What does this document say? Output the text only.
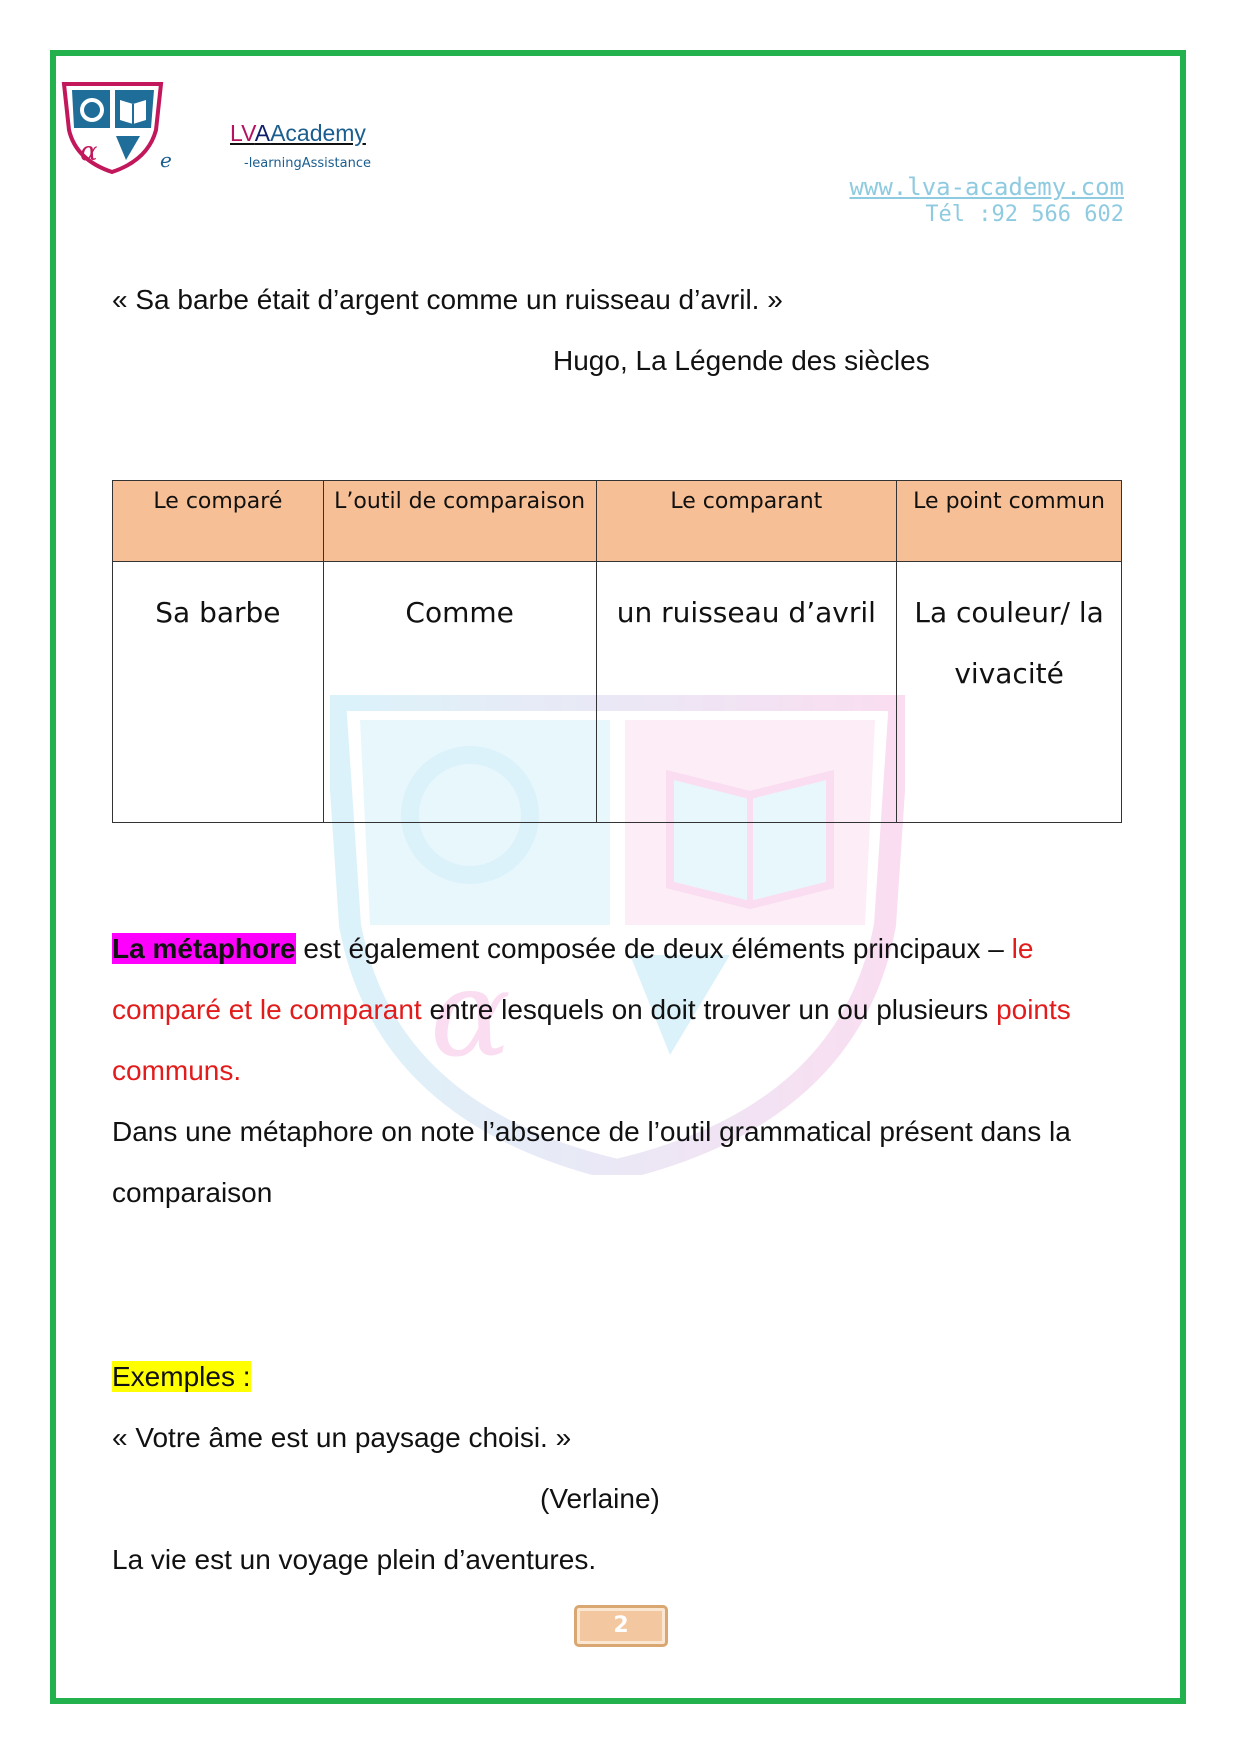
α	e
LVAAcademy
-learningAssistance
www.lva-academy.com
Tél :92 566 602
α
« Sa barbe était d’argent comme un ruisseau d’avril. »
Hugo, La Légende des siècles
Le comparé	L’outil de comparaison	Le comparant	Le point commun
Sa barbe	Comme	un ruisseau d’avril	La couleur/ la vivacité
La métaphore est également composée de deux éléments principaux – le comparé et le comparant entre lesquels on doit trouver un ou plusieurs points communs.
Dans une métaphore on note l’absence de l’outil grammatical présent dans la comparaison
Exemples :
« Votre âme est un paysage choisi. »
(Verlaine)
La vie est un voyage plein d’aventures.
2
